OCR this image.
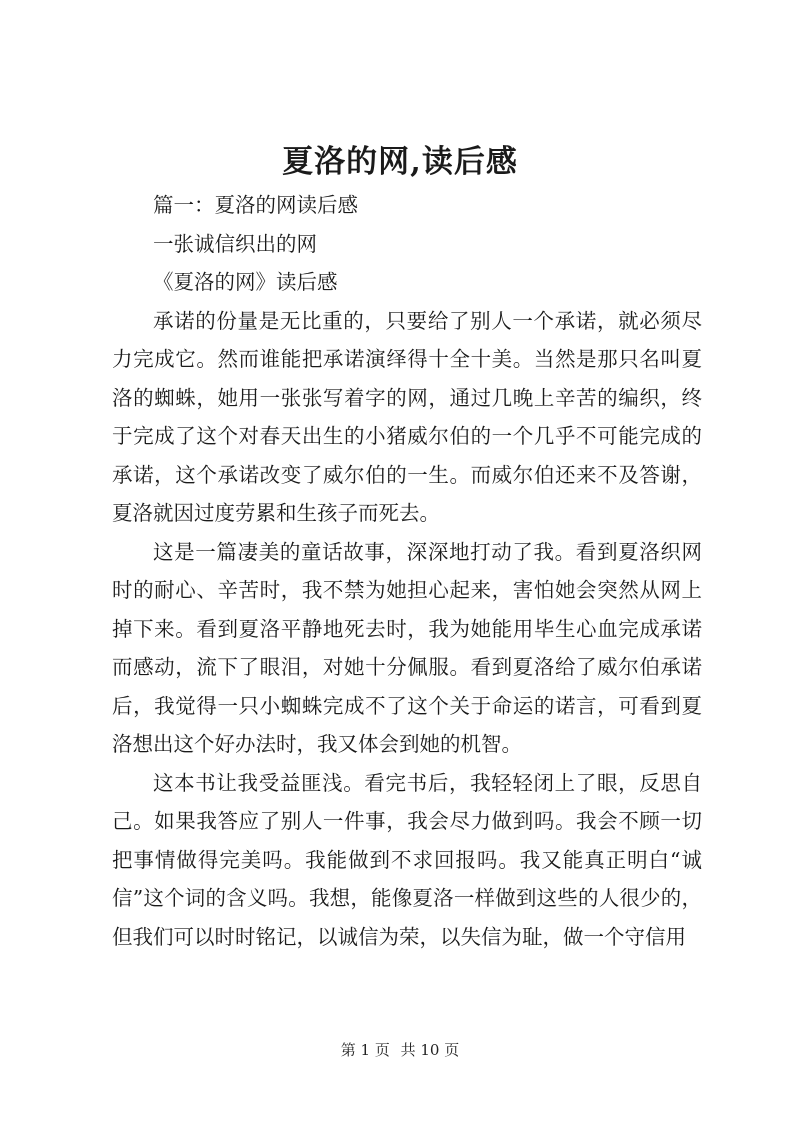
夏洛的网,读后感

篇一：夏洛的网读后感

一张诚信织出的网

《夏洛的网》读后感

承诺的份量是无比重的，只要给了别人一个承诺，就必须尽力完成它。然而谁能把承诺演绎得十全十美。当然是那只名叫夏洛的蜘蛛，她用一张张写着字的网，通过几晚上辛苦的编织，终于完成了这个对春天出生的小猪威尔伯的一个几乎不可能完成的承诺，这个承诺改变了威尔伯的一生。而威尔伯还来不及答谢，夏洛就因过度劳累和生孩子而死去。

这是一篇凄美的童话故事，深深地打动了我。看到夏洛织网时的耐心、辛苦时，我不禁为她担心起来，害怕她会突然从网上掉下来。看到夏洛平静地死去时，我为她能用毕生心血完成承诺而感动，流下了眼泪，对她十分佩服。看到夏洛给了威尔伯承诺后，我觉得一只小蜘蛛完成不了这个关于命运的诺言，可看到夏洛想出这个好办法时，我又体会到她的机智。

这本书让我受益匪浅。看完书后，我轻轻闭上了眼，反思自己。如果我答应了别人一件事，我会尽力做到吗。我会不顾一切把事情做得完美吗。我能做到不求回报吗。我又能真正明白“诚信”这个词的含义吗。我想，能像夏洛一样做到这些的人很少的，但我们可以时时铭记，以诚信为荣，以失信为耻，做一个守信用

第 1 页 共 10 页
